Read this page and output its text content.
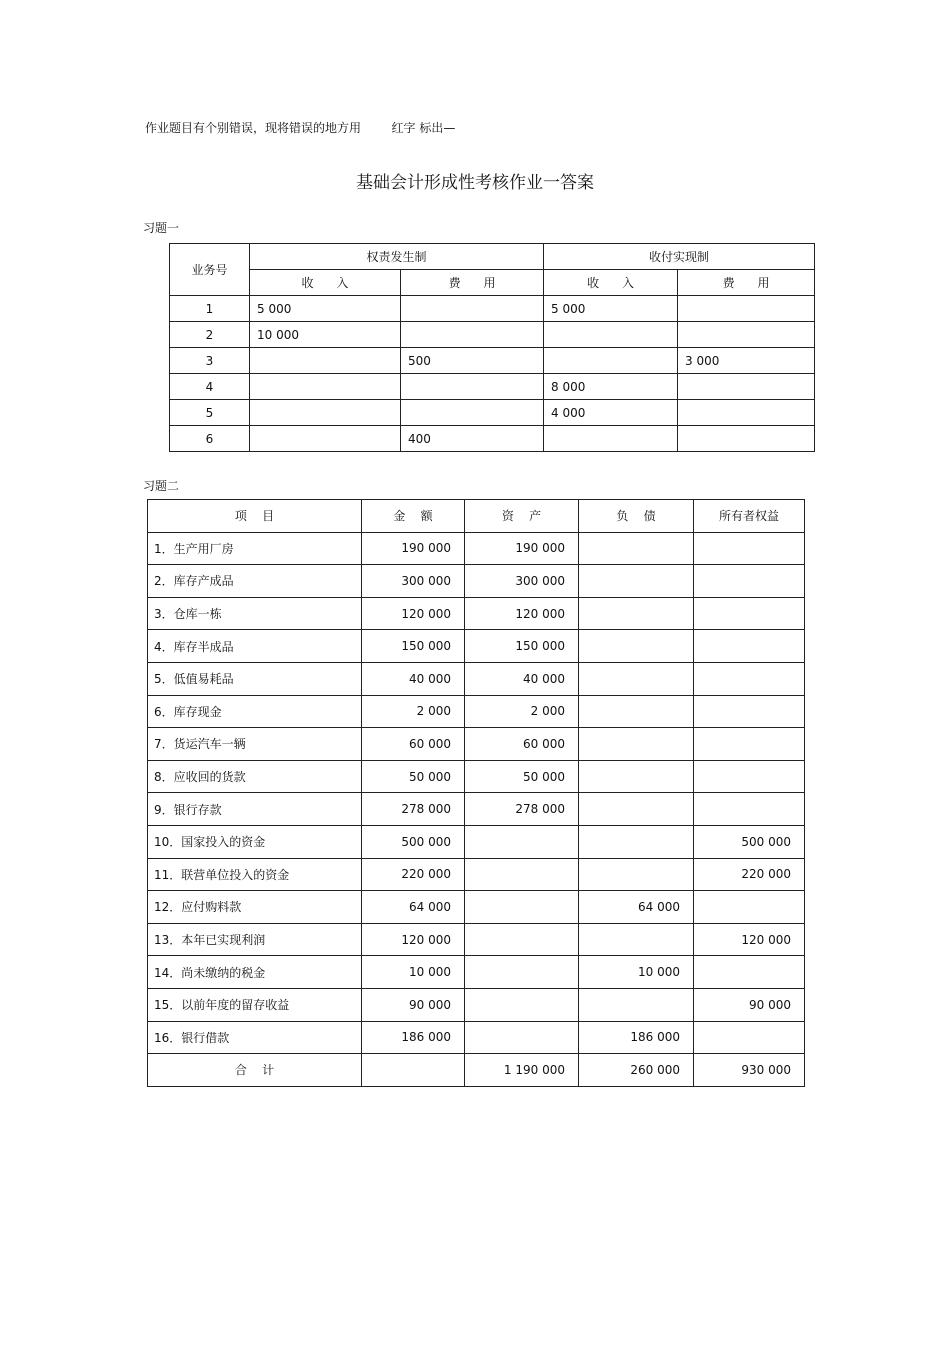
作业题目有个别错误，现将错误的地方用        红字 标出—
基础会计形成性考核作业一答案
习题一
业务号	权责发生制		收付实现制	
	收      入	费      用	收      入	费      用
1	5 000		5 000	
2	10 000			
3		500		3 000
4			8 000	
5			4 000	
6		400		
习题二
项    目	金    额	资    产	负    债	所有者权益
1．生产用厂房	190 000	190 000		
2．库存产成品	300 000	300 000		
3．仓库一栋	120 000	120 000		
4．库存半成品	150 000	150 000		
5．低值易耗品	40 000	40 000		
6．库存现金	2 000	2 000		
7．货运汽车一辆	60 000	60 000		
8．应收回的货款	50 000	50 000		
9．银行存款	278 000	278 000		
10．国家投入的资金	500 000			500 000
11．联营单位投入的资金	220 000			220 000
12．应付购料款	64 000		64 000	
13．本年已实现利润	120 000			120 000
14．尚未缴纳的税金	10 000		10 000	
15．以前年度的留存收益	90 000			90 000
16．银行借款	186 000		186 000	
合    计		1 190 000	260 000	930 000
